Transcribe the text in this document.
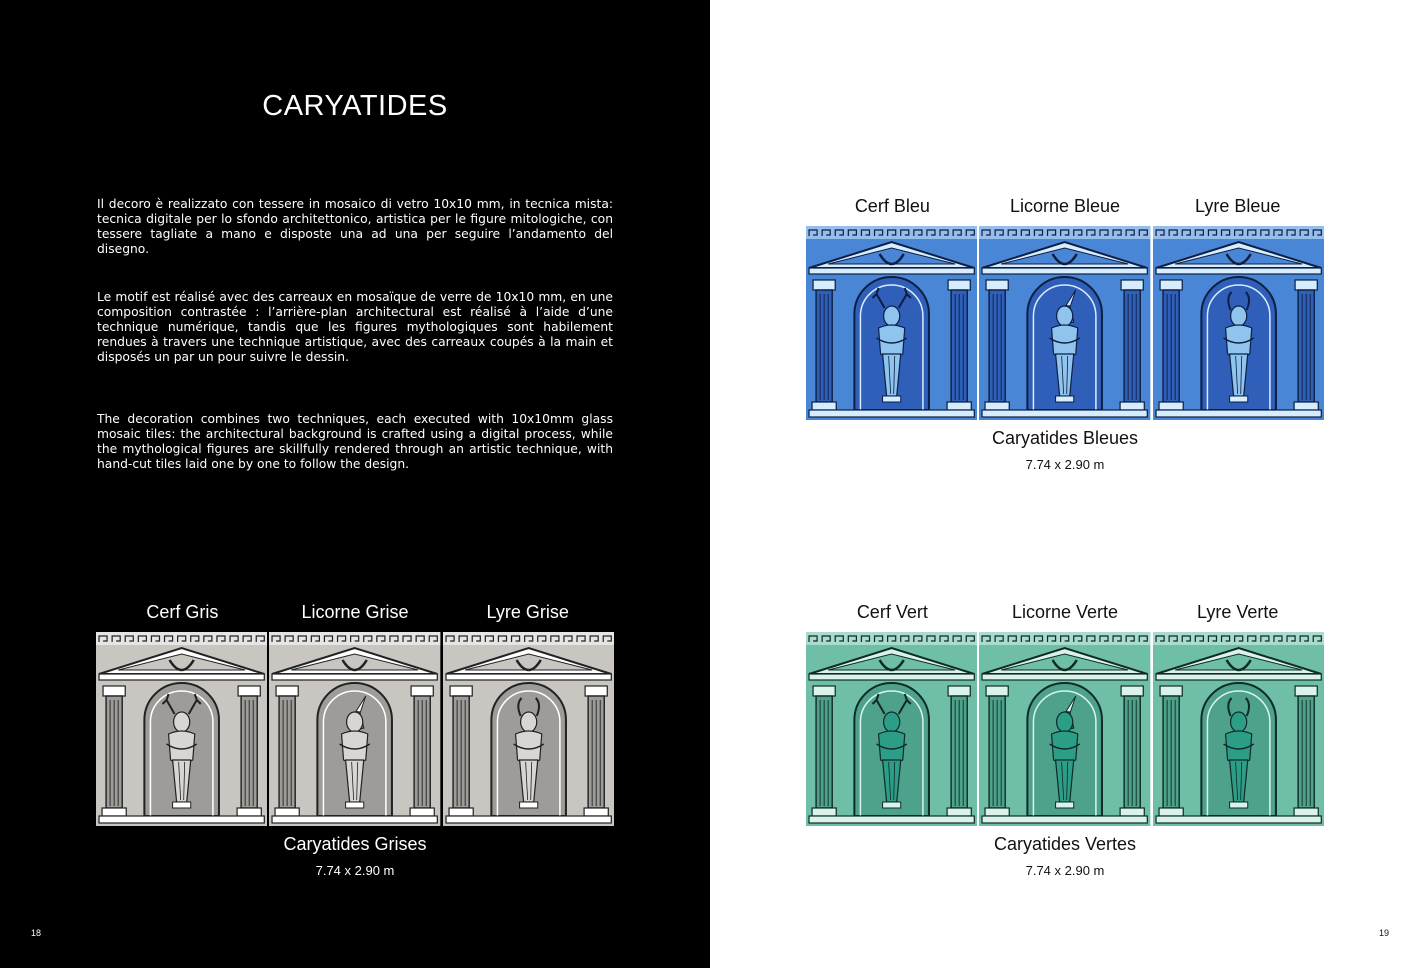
CARYATIDES
Il decoro è realizzato con tessere in mosaico di vetro 10x10 mm, in tecnica mista: tecnica digitale per lo sfondo architettonico, artistica per le figure mitologiche, con tessere tagliate a mano e disposte una ad una per seguire l’andamento del disegno.
Le motif est réalisé avec des carreaux en mosaïque de verre de 10x10 mm, en une composition contrastée : l’arrière-plan architectural est réalisé à l’aide d’une technique numérique, tandis que les figures mythologiques sont habilement rendues à travers une technique artistique, avec des carreaux coupés à la main et disposés un par un pour suivre le dessin.
The decoration combines two techniques, each executed with 10x10mm glass mosaic tiles: the architectural background is crafted using a digital process, while the mythological figures are skillfully rendered through an artistic technique, with hand-cut tiles laid one by one to follow the design.
Cerf Gris	Licorne Grise	Lyre Grise
Caryatides Grises
7.74 x 2.90 m
18
Cerf Bleu	Licorne Bleue	Lyre Bleue
Caryatides Bleues
7.74 x 2.90 m
Cerf Vert	Licorne Verte	Lyre Verte
Caryatides Vertes
7.74 x 2.90 m
19
